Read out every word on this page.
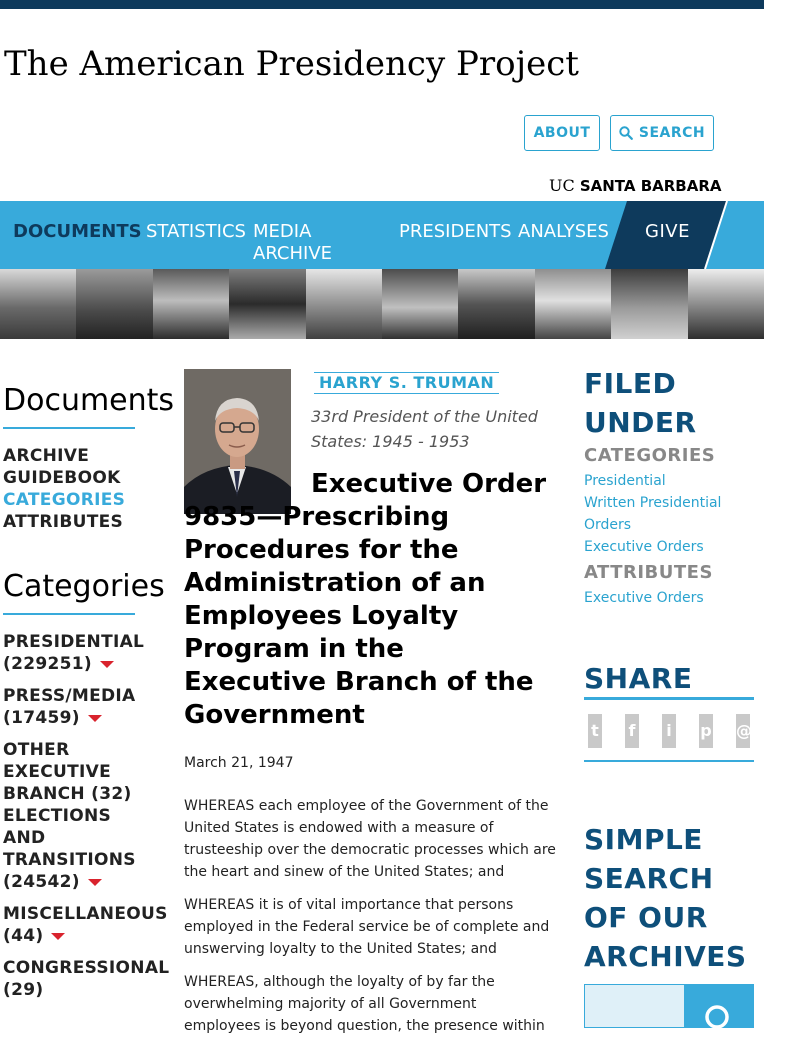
The American Presidency Project
ABOUT	SEARCH
UC SANTA BARBARA
DOCUMENTS STATISTICS MEDIA
ARCHIVE
PRESIDENTS ANALYSES GIVE
Documents
ARCHIVE
GUIDEBOOK
CATEGORIES
ATTRIBUTES
Categories
PRESIDENTIAL (229251)
PRESS/MEDIA (17459)
OTHER EXECUTIVE BRANCH (32)
ELECTIONS AND TRANSITIONS (24542)
MISCELLANEOUS (44)
CONGRESSIONAL (29)
HARRY S. TRUMAN
33rd President of the United States: 1945 - 1953
Executive Order 9835—Prescribing Procedures for the Administration of an Employees Loyalty Program in the Executive Branch of the Government
March 21, 1947

WHEREAS each employee of the Government of the United States is endowed with a measure of trusteeship over the democratic processes which are the heart and sinew of the United States; and

WHEREAS it is of vital importance that persons employed in the Federal service be of complete and unswerving loyalty to the United States; and

WHEREAS, although the loyalty of by far the overwhelming majority of all Government employees is beyond question, the presence within

FILED
UNDER
CATEGORIES
Presidential
Written Presidential
Orders
Executive Orders
ATTRIBUTES
Executive Orders
SHARE
t f i p @
SIMPLE
SEARCH
OF OUR
ARCHIVES
